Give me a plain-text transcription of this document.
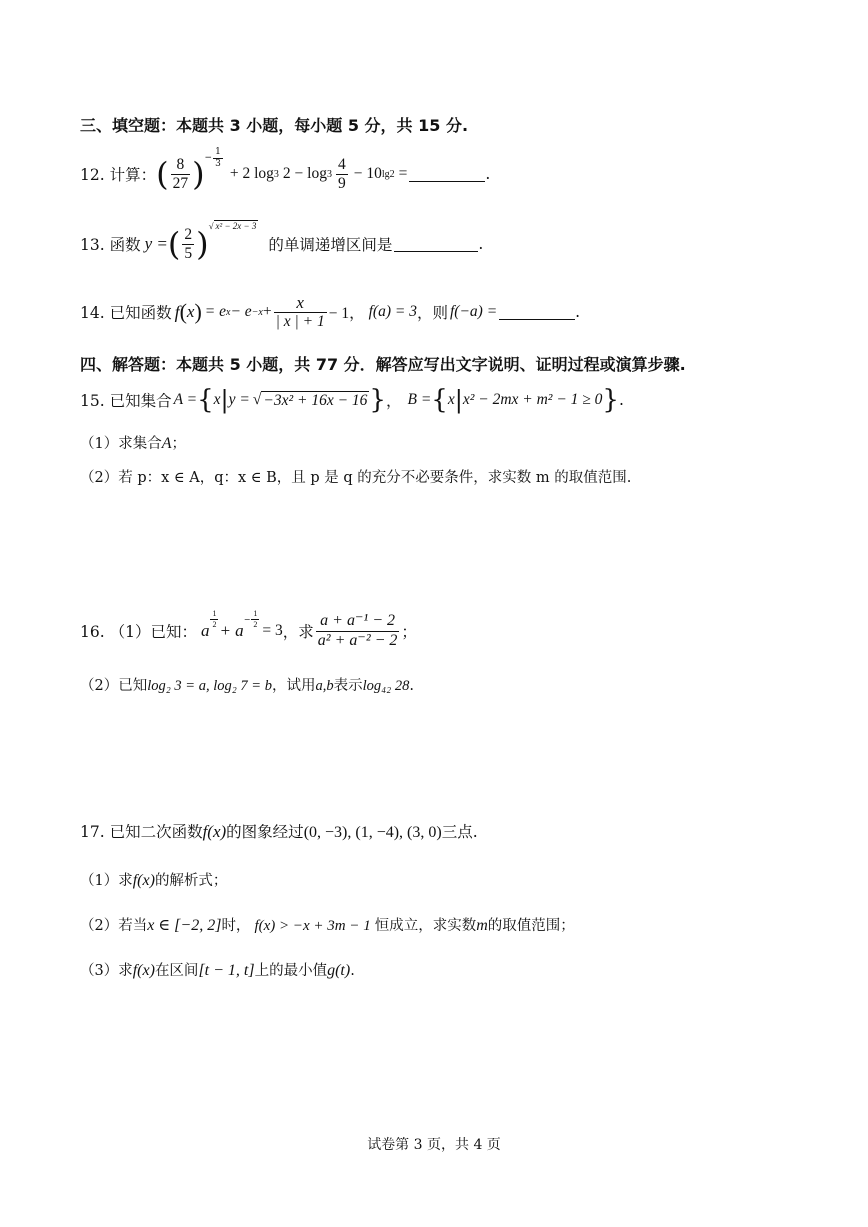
三、填空题：本题共 3 小题，每小题 5 分，共 15 分.
12. 计算： ( $\frac{8}{27}$ ) − $\frac{1}{3}$
+ 2 log 3 $2 - \log 3 \frac{4}{9} - 10$ lg2 =	.
13. 函数 y = ( $\frac{2}{5}$ ) √ x² − 2x − 3
的单调递增区间是	.
14. 已知函数 f ( x ) = e $x - e -x + \frac{x}{| x | + 1} - 1$， f(a) = 3 ，则 f(−a) =	.
四、解答题：本题共 5 小题，共 77 分．解答应写出文字说明、证明过程或演算步骤.
15. 已知集合 A = { x | y = √ −3x² + 16x − 16 } ， B = { x | x² − 2mx + m² − 1 ≥ 0 } .
（1）求集合A；
（2）若 p：x ∈ A，q：x ∈ B，且 p 是 q 的充分不必要条件，求实数 m 的取值范围.
16. （1）已知： a
$\frac{1}{2}$
+ a
− $\frac{1}{2}$
= 3 ，求 $\frac{\text{a + a⁻¹ − 2}}{\text{a² + a⁻² − 2}}$ ；
（2）已知log₂ 3 = a, log₂ 7 = b，试用a,b表示log₄₂ 28.
17. 已知二次函数f(x)的图象经过(0, −3), (1, −4), (3, 0)三点.
（1）求f(x)的解析式；
（2）若当x ∈ [−2, 2]时， f(x) > −x + 3m − 1 恒成立，求实数m的取值范围；
（3）求f(x)在区间[t − 1, t]上的最小值g(t).
试卷第 3 页，共 4 页
